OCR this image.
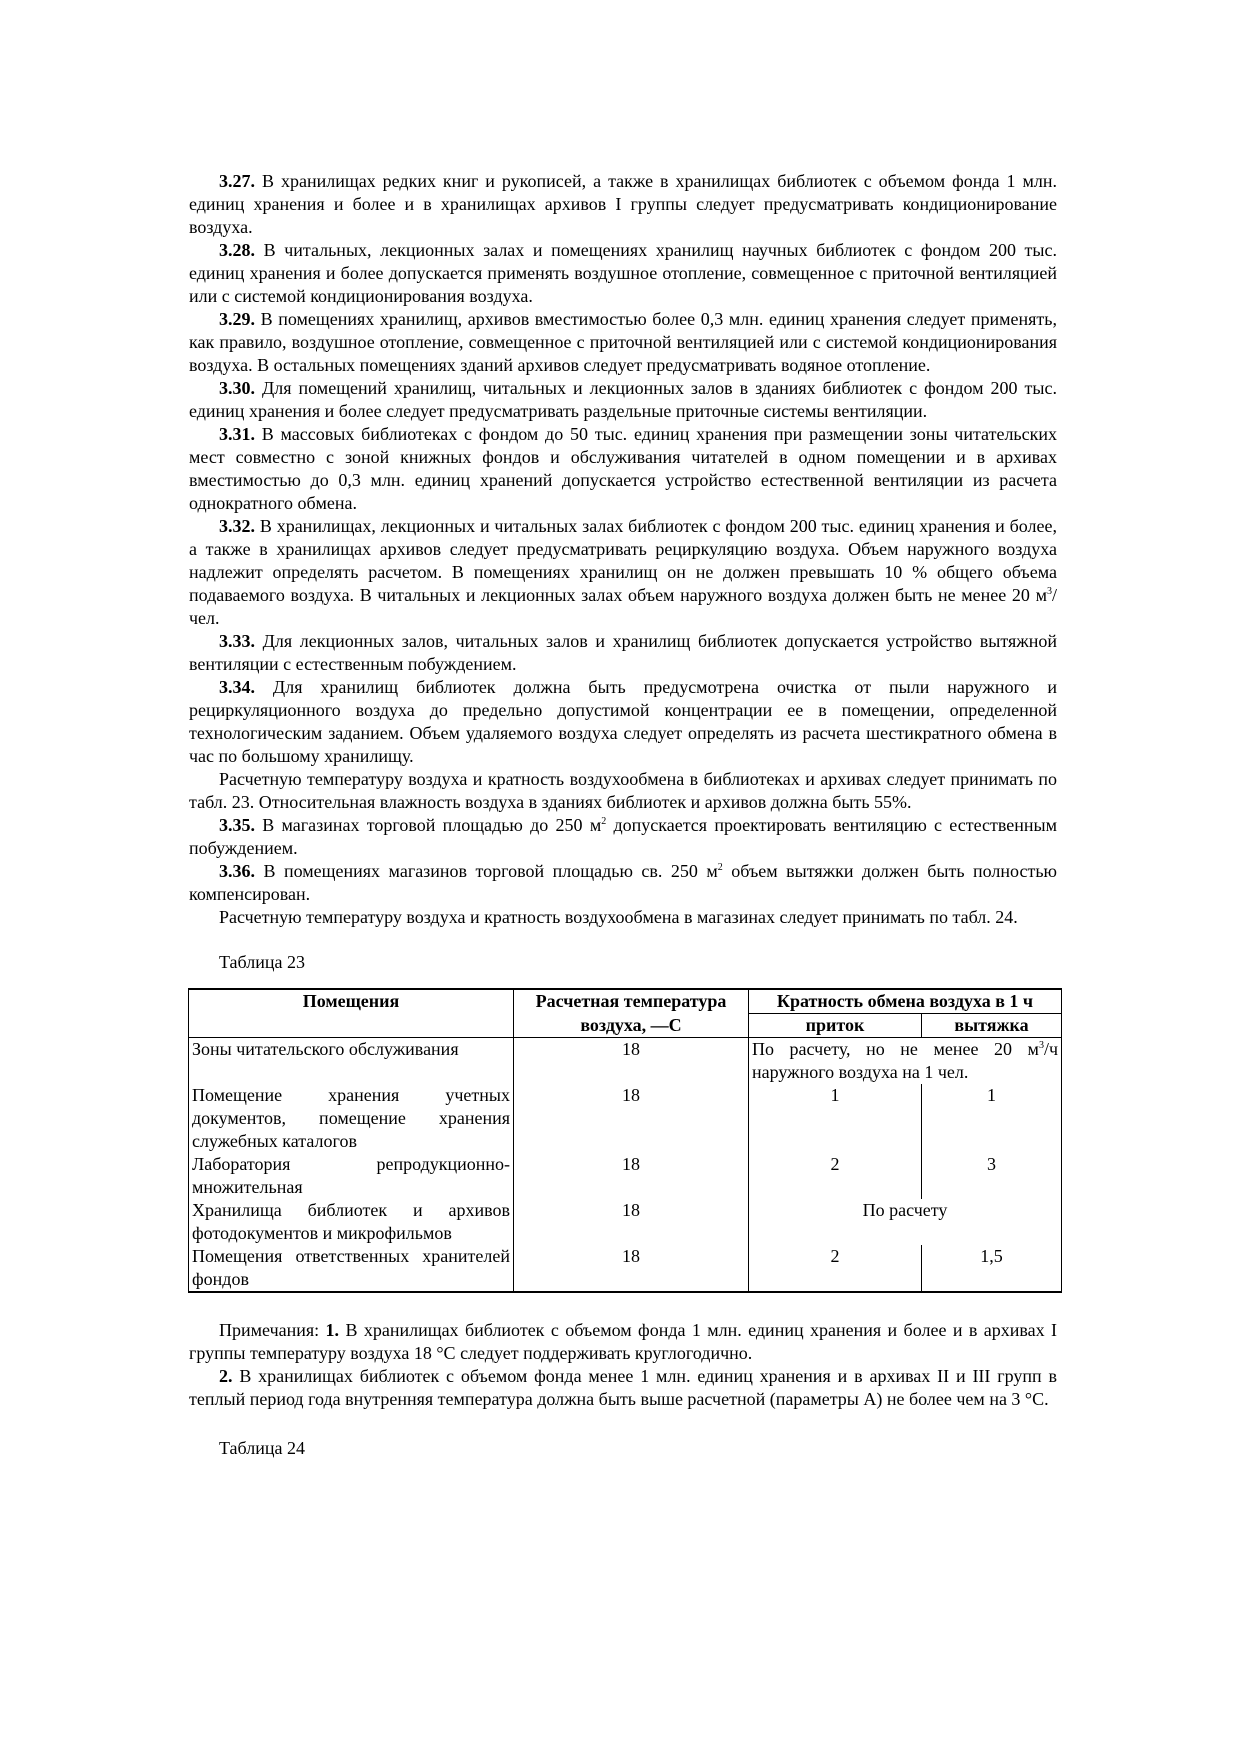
3.27. В хранилищах редких книг и рукописей, а также в хранилищах библиотек с объемом фонда 1 млн. единиц хранения и более и в хранилищах архивов I группы следует предусматривать кондиционирование воздуха.

3.28. В читальных, лекционных залах и помещениях хранилищ научных библиотек с фондом 200 тыс. единиц хранения и более допускается применять воздушное отопление, совмещенное с приточной вентиляцией или с системой кондиционирования воздуха.

3.29. В помещениях хранилищ, архивов вместимостью более 0,3 млн. единиц хранения следует применять, как правило, воздушное отопление, совмещенное с приточной вентиляцией или с системой кондиционирования воздуха. В остальных помещениях зданий архивов следует предусматривать водяное отопление.

3.30. Для помещений хранилищ, читальных и лекционных залов в зданиях библиотек с фондом 200 тыс. единиц хранения и более следует предусматривать раздельные приточные системы вентиляции.

3.31. В массовых библиотеках с фондом до 50 тыс. единиц хранения при размещении зоны читательских мест совместно с зоной книжных фондов и обслуживания читателей в одном помещении и в архивах вместимостью до 0,3 млн. единиц хранений допускается устройство естественной вентиляции из расчета однократного обмена.

3.32. В хранилищах, лекционных и читальных залах библиотек с фондом 200 тыс. единиц хранения и более, а также в хранилищах архивов следует предусматривать рециркуляцию воздуха. Объем наружного воздуха надлежит определять расчетом. В помещениях хранилищ он не должен превышать 10 % общего объема подаваемого воздуха. В читальных и лекционных залах объем наружного воздуха должен быть не менее 20 $м^3$/чел.

3.33. Для лекционных залов, читальных залов и хранилищ библиотек допускается устройство вытяжной вентиляции с естественным побуждением.

3.34. Для хранилищ библиотек должна быть предусмотрена очистка от пыли наружного и рециркуляционного воздуха до предельно допустимой концентрации ее в помещении, определенной технологическим заданием. Объем удаляемого воздуха следует определять из расчета шестикратного обмена в час по большому хранилищу.

Расчетную температуру воздуха и кратность воздухообмена в библиотеках и архивах следует принимать по табл. 23. Относительная влажность воздуха в зданиях библиотек и архивов должна быть 55%.

3.35. В магазинах торговой площадью до 250 $м^2$ допускается проектировать вентиляцию с естественным побуждением.

3.36. В помещениях магазинов торговой площадью св. 250 $м^2$ объем вытяжки должен быть полностью компенсирован.

Расчетную температуру воздуха и кратность воздухообмена в магазинах следует принимать по табл. 24.

Таблица 23
Помещения	Расчетная температура	Кратность обмена воздуха в 1 ч	
	воздуха, —С	приток	вытяжка
Зоны читательского обслуживания	18	По расчету, но не менее 20 $м^3/ч$ наружного воздуха на 1 чел.	
Помещение хранения учетных документов, помещение хранения служебных каталогов	18	1	1
Лаборатория репродукционно-множительная	18	2	3
Хранилища библиотек и архивов фотодокументов и микрофильмов	18	По расчету	
Помещения ответственных хранителей фондов	18	2	1,5

Примечания: 1. В хранилищах библиотек с объемом фонда 1 млн. единиц хранения и более и в архивах I группы температуру воздуха 18 °С следует поддерживать круглогодично.

2. В хранилищах библиотек с объемом фонда менее 1 млн. единиц хранения и в архивах II и III групп в теплый период года внутренняя температура должна быть выше расчетной (параметры А) не более чем на 3 °С.

Таблица 24
